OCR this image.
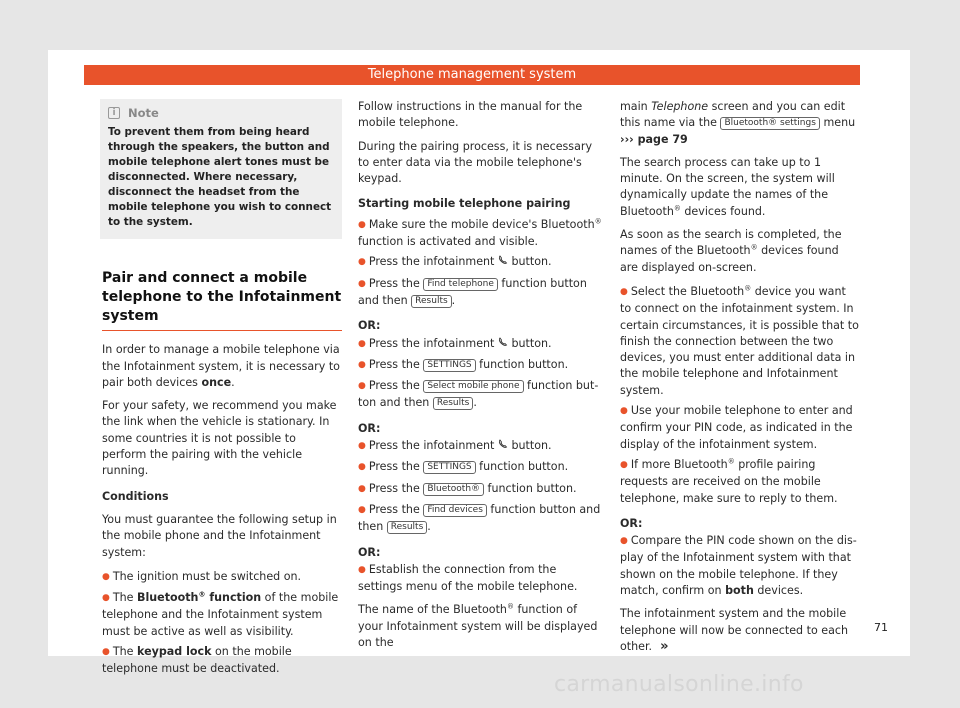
Telephone management system
i	Note
To prevent them from being heard through the speakers, the button and mobile telephone alert tones must be disconnected. Where necessary, disconnect the headset from the mobile telephone you wish to connect to the system.
Pair and connect a mobile telephone to the Infotainment system

In order to manage a mobile telephone via the Infotainment system, it is necessary to pair both devices once.

For your safety, we recommend you make the link when the vehicle is stationary. In some countries it is not possible to perform the pairing with the vehicle running.

Conditions

You must guarantee the following setup in the mobile phone and the Infotainment system:

● The ignition must be switched on.

● The Bluetooth® function of the mobile telephone and the Infotainment system must be active as well as visibility.

● The keypad lock on the mobile telephone must be deactivated.

Follow instructions in the manual for the mobile telephone.

During the pairing process, it is necessary to enter data via the mobile telephone's keypad.

Starting mobile telephone pairing

● Make sure the mobile device's Bluetooth® function is activated and visible.

● Press the infotainment  button.

● Press the Find telephone function button and then Results .

OR:

● Press the infotainment  button.

● Press the SETTINGS function button.

● Press the Select mobile phone function button and then Results .

OR:

● Press the infotainment  button.

● Press the SETTINGS function button.

● Press the Bluetooth® function button.

● Press the Find devices function button and then Results .

OR:

● Establish the connection from the settings menu of the mobile telephone.

The name of the Bluetooth® function of your Infotainment system will be displayed on the

main Telephone screen and you can edit this name via the Bluetooth® settings menu
››› page 79

The search process can take up to 1 minute. On the screen, the system will dynamically update the names of the Bluetooth® devices found.

As soon as the search is completed, the names of the Bluetooth® devices found are displayed on-screen.

● Select the Bluetooth® device you want to connect on the infotainment system. In certain circumstances, it is possible that to finish the connection between the two devices, you must enter additional data in the mobile telephone and Infotainment system.

● Use your mobile telephone to enter and confirm your PIN code, as indicated in the display of the infotainment system.

● If more Bluetooth® profile pairing requests are received on the mobile telephone, make sure to reply to them.

OR:

● Compare the PIN code shown on the display of the Infotainment system with that shown on the mobile telephone. If they match, confirm on both devices.

The infotainment system and the mobile telephone will now be connected to each other. »

71
carmanualsonline.info
